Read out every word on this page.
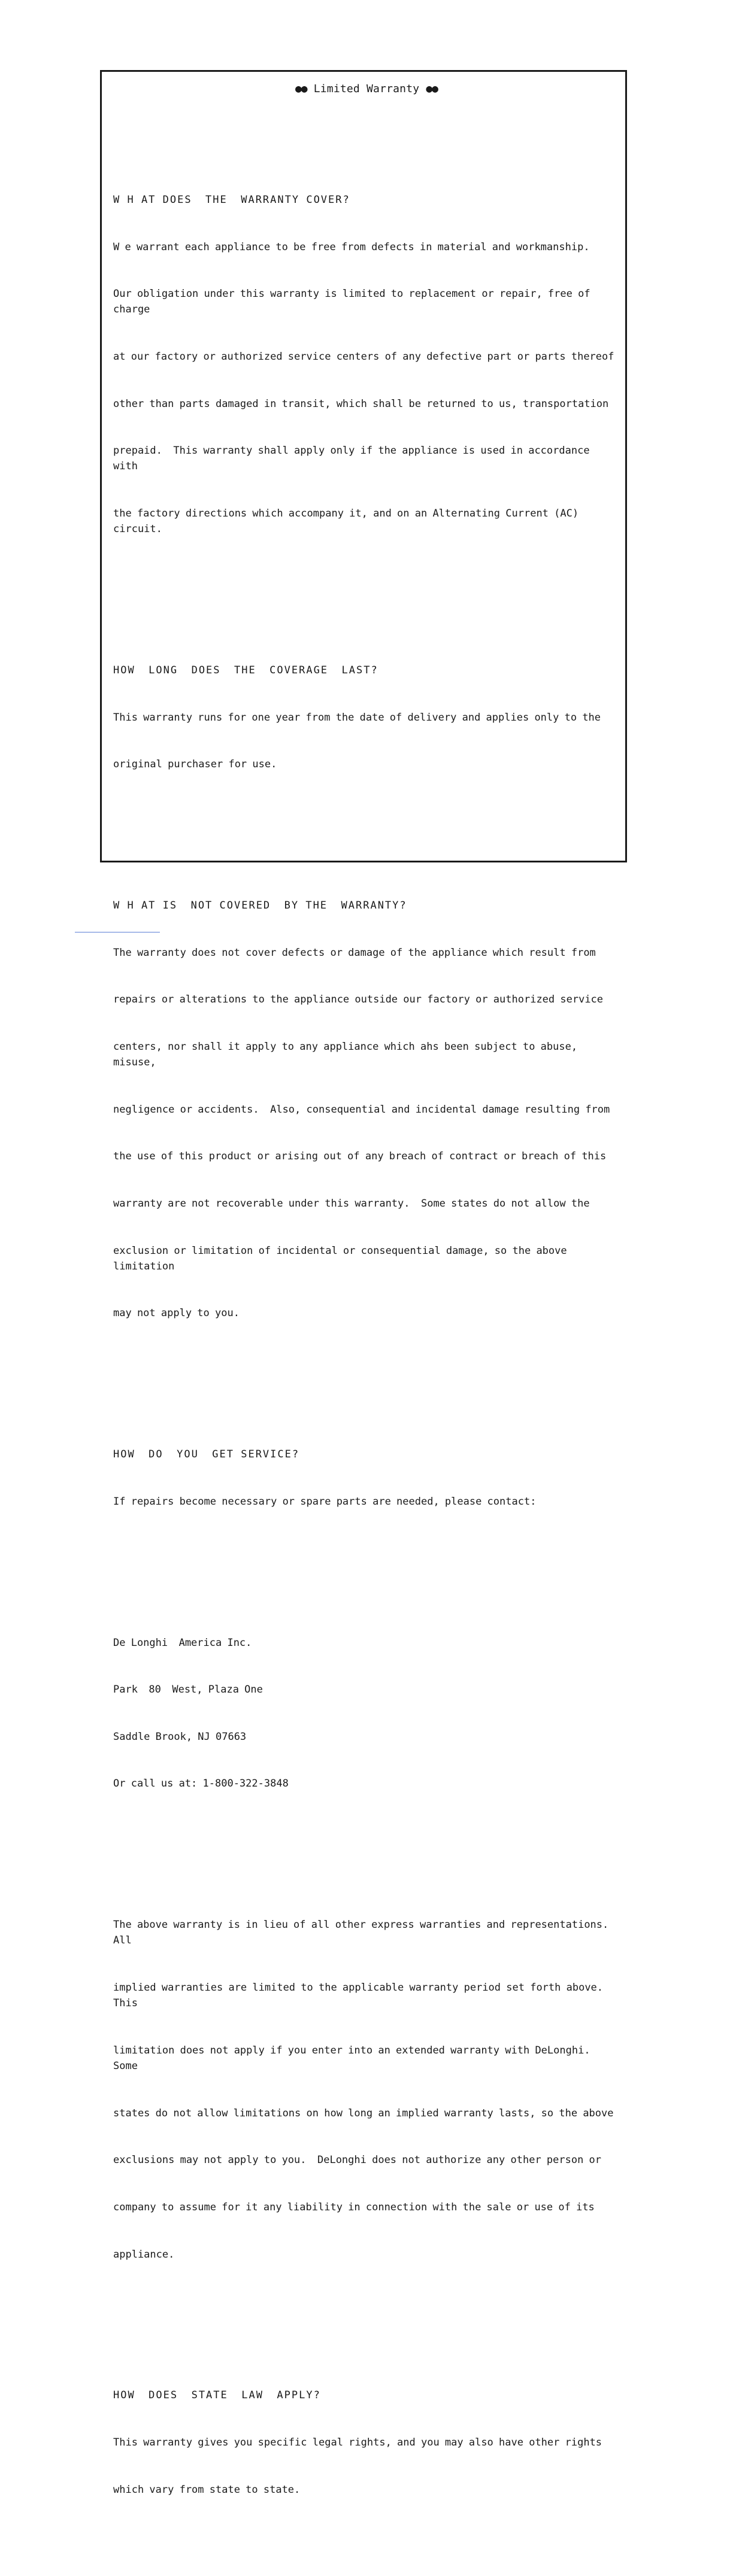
●● Limited Warranty ●●

W H AT DOES  THE  WARRANTY COVER?

W e warrant each appliance to be free from defects in material and workmanship.

Our obligation under this warranty is limited to replacement or repair, free of charge

at our factory or authorized service centers of any defective part or parts thereof

other than parts damaged in transit, which shall be returned to us, transportation

prepaid.  This warranty shall apply only if the appliance is used in accordance with

the factory directions which accompany it, and on an Alternating Current (AC) circuit.

HOW  LONG  DOES  THE  COVERAGE  LAST?

This warranty runs for one year from the date of delivery and applies only to the

original purchaser for use.

W H AT IS  NOT COVERED  BY THE  WARRANTY?

The warranty does not cover defects or damage of the appliance which result from

repairs or alterations to the appliance outside our factory or authorized service

centers, nor shall it apply to any appliance which ahs been subject to abuse, misuse,

negligence or accidents.  Also, consequential and incidental damage resulting from

the use of this product or arising out of any breach of contract or breach of this

warranty are not recoverable under this warranty.  Some states do not allow the

exclusion or limitation of incidental or consequential damage, so the above limitation

may not apply to you.

HOW  DO  YOU  GET SERVICE?

If repairs become necessary or spare parts are needed, please contact:

De Longhi  America Inc.

Park  80  West, Plaza One

Saddle Brook, NJ 07663

Or call us at: 1-800-322-3848

The above warranty is in lieu of all other express warranties and representations.  All

implied warranties are limited to the applicable warranty period set forth above.  This

limitation does not apply if you enter into an extended warranty with DeLonghi.  Some

states do not allow limitations on how long an implied warranty lasts, so the above

exclusions may not apply to you.  DeLonghi does not authorize any other person or

company to assume for it any liability in connection with the sale or use of its

appliance.

HOW  DOES  STATE  LAW  APPLY?

This warranty gives you specific legal rights, and you may also have other rights

which vary from state to state.
